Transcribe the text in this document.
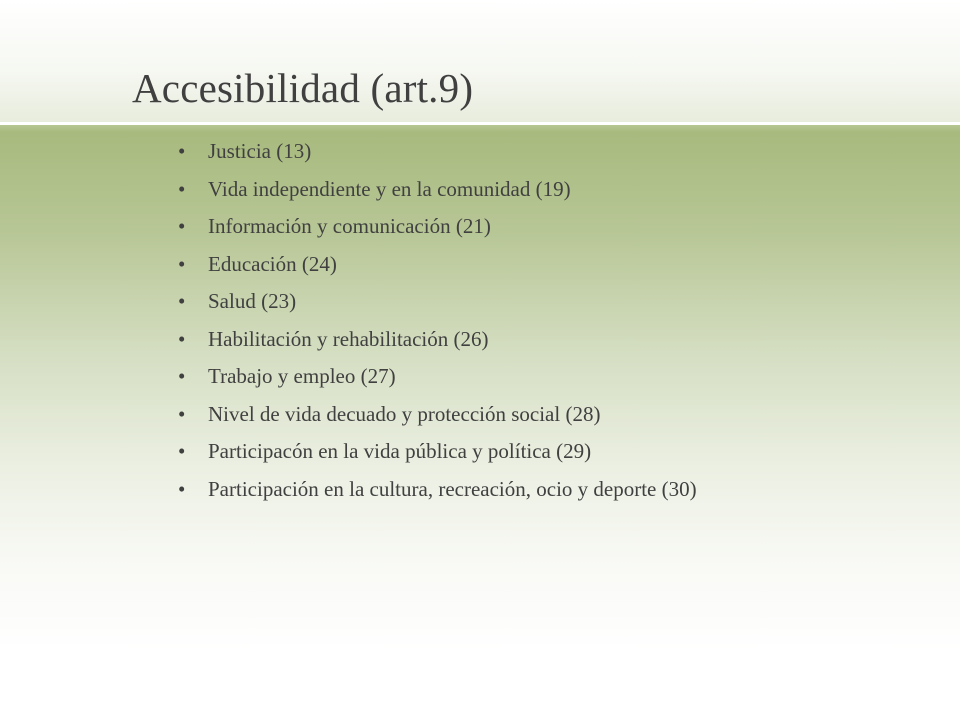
Accesibilidad (art.9)
•	Justicia (13)
•	Vida independiente y en la comunidad (19)
•	Información y comunicación (21)
•	Educación (24)
•	Salud (23)
•	Habilitación y rehabilitación (26)
•	Trabajo y empleo (27)
•	Nivel de vida decuado y protección social (28)
•	Participacón en la vida pública y política (29)
•	Participación en la cultura, recreación, ocio y deporte (30)
